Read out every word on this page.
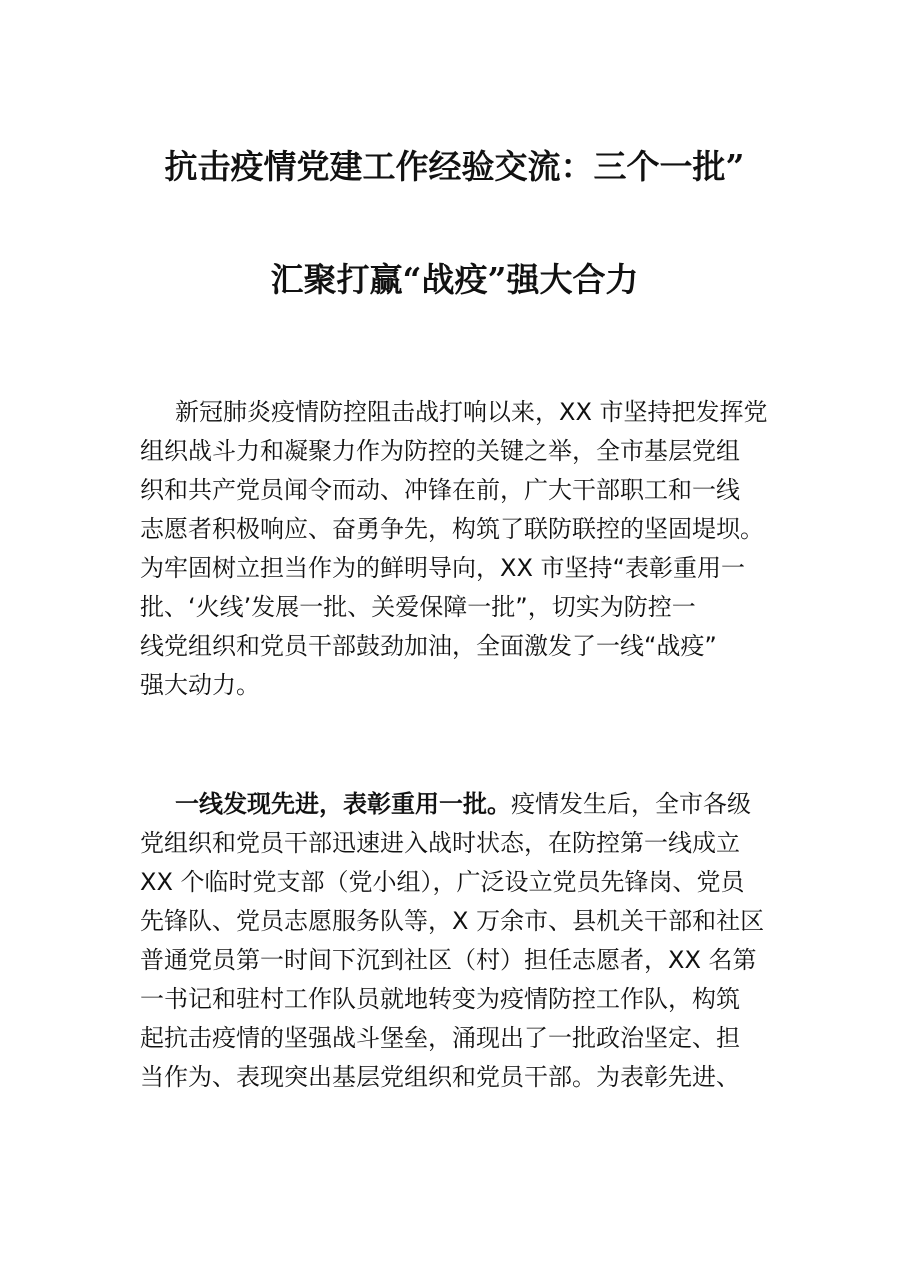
抗击疫情党建工作经验交流：三个一批”
汇聚打赢“战疫”强大合力
新冠肺炎疫情防控阻击战打响以来，XX 市坚持把发挥党
组织战斗力和凝聚力作为防控的关键之举，全市基层党组
织和共产党员闻令而动、冲锋在前，广大干部职工和一线
志愿者积极响应、奋勇争先，构筑了联防联控的坚固堤坝。
为牢固树立担当作为的鲜明导向，XX 市坚持“表彰重用一
批、‘火线’发展一批、关爱保障一批”，切实为防控一
线党组织和党员干部鼓劲加油，全面激发了一线“战疫”
强大动力。
一线发现先进，表彰重用一批。疫情发生后，全市各级
党组织和党员干部迅速进入战时状态，在防控第一线成立
XX 个临时党支部（党小组），广泛设立党员先锋岗、党员
先锋队、党员志愿服务队等，X 万余市、县机关干部和社区
普通党员第一时间下沉到社区（村）担任志愿者，XX 名第
一书记和驻村工作队员就地转变为疫情防控工作队，构筑
起抗击疫情的坚强战斗堡垒，涌现出了一批政治坚定、担
当作为、表现突出基层党组织和党员干部。为表彰先进、
